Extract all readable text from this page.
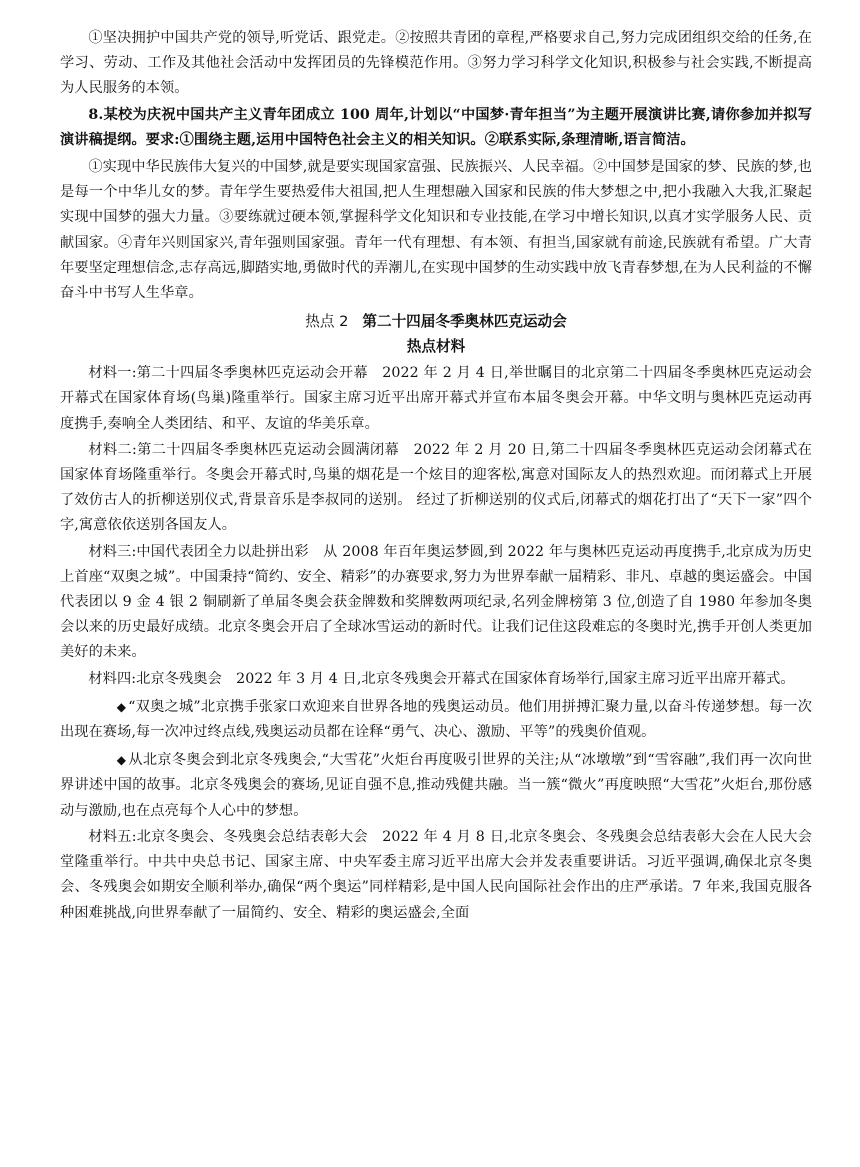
①坚决拥护中国共产党的领导,听党话、跟党走。②按照共青团的章程,严格要求自己,努力完成团组织交给的任务,在学习、劳动、工作及其他社会活动中发挥团员的先锋模范作用。③努力学习科学文化知识,积极参与社会实践,不断提高为人民服务的本领。

8.某校为庆祝中国共产主义青年团成立 100 周年,计划以“中国梦·青年担当”为主题开展演讲比赛,请你参加并拟写演讲稿提纲。要求:①围绕主题,运用中国特色社会主义的相关知识。②联系实际,条理清晰,语言简洁。

①实现中华民族伟大复兴的中国梦,就是要实现国家富强、民族振兴、人民幸福。②中国梦是国家的梦、民族的梦,也是每一个中华儿女的梦。青年学生要热爱伟大祖国,把人生理想融入国家和民族的伟大梦想之中,把小我融入大我,汇聚起实现中国梦的强大力量。③要练就过硬本领,掌握科学文化知识和专业技能,在学习中增长知识,以真才实学服务人民、贡献国家。④青年兴则国家兴,青年强则国家强。青年一代有理想、有本领、有担当,国家就有前途,民族就有希望。广大青年要坚定理想信念,志存高远,脚踏实地,勇做时代的弄潮儿,在实现中国梦的生动实践中放飞青春梦想,在为人民利益的不懈奋斗中书写人生华章。

热点 2 第二十四届冬季奥林匹克运动会

热点材料

材料一:第二十四届冬季奥林匹克运动会开幕　2022 年 2 月 4 日,举世瞩目的北京第二十四届冬季奥林匹克运动会开幕式在国家体育场(鸟巢)隆重举行。国家主席习近平出席开幕式并宣布本届冬奥会开幕。中华文明与奥林匹克运动再度携手,奏响全人类团结、和平、友谊的华美乐章。

材料二:第二十四届冬季奥林匹克运动会圆满闭幕　2022 年 2 月 20 日,第二十四届冬季奥林匹克运动会闭幕式在国家体育场隆重举行。冬奥会开幕式时,鸟巢的烟花是一个炫目的迎客松,寓意对国际友人的热烈欢迎。而闭幕式上开展了效仿古人的折柳送别仪式,背景音乐是李叔同的送别。 经过了折柳送别的仪式后,闭幕式的烟花打出了“天下一家”四个字,寓意依依送别各国友人。

材料三:中国代表团全力以赴拼出彩　从 2008 年百年奥运梦圆,到 2022 年与奥林匹克运动再度携手,北京成为历史上首座“双奥之城”。中国秉持“简约、安全、精彩”的办赛要求,努力为世界奉献一届精彩、非凡、卓越的奥运盛会。中国代表团以 9 金 4 银 2 铜刷新了单届冬奥会获金牌数和奖牌数两项纪录,名列金牌榜第 3 位,创造了自 1980 年参加冬奥会以来的历史最好成绩。北京冬奥会开启了全球冰雪运动的新时代。让我们记住这段难忘的冬奥时光,携手开创人类更加美好的未来。

材料四:北京冬残奥会　2022 年 3 月 4 日,北京冬残奥会开幕式在国家体育场举行,国家主席习近平出席开幕式。

◆ “双奥之城”北京携手张家口欢迎来自世界各地的残奥运动员。他们用拼搏汇聚力量,以奋斗传递梦想。每一次出现在赛场,每一次冲过终点线,残奥运动员都在诠释“勇气、决心、激励、平等”的残奥价值观。

◆ 从北京冬奥会到北京冬残奥会,“大雪花”火炬台再度吸引世界的关注;从“冰墩墩”到“雪容融”,我们再一次向世界讲述中国的故事。北京冬残奥会的赛场,见证自强不息,推动残健共融。当一簇“微火”再度映照“大雪花”火炬台,那份感动与激励,也在点亮每个人心中的梦想。

材料五:北京冬奥会、冬残奥会总结表彰大会　2022 年 4 月 8 日,北京冬奥会、冬残奥会总结表彰大会在人民大会堂隆重举行。中共中央总书记、国家主席、中央军委主席习近平出席大会并发表重要讲话。习近平强调,确保北京冬奥会、冬残奥会如期安全顺利举办,确保“两个奥运”同样精彩,是中国人民向国际社会作出的庄严承诺。7 年来,我国克服各种困难挑战,向世界奉献了一届简约、安全、精彩的奥运盛会,全面
